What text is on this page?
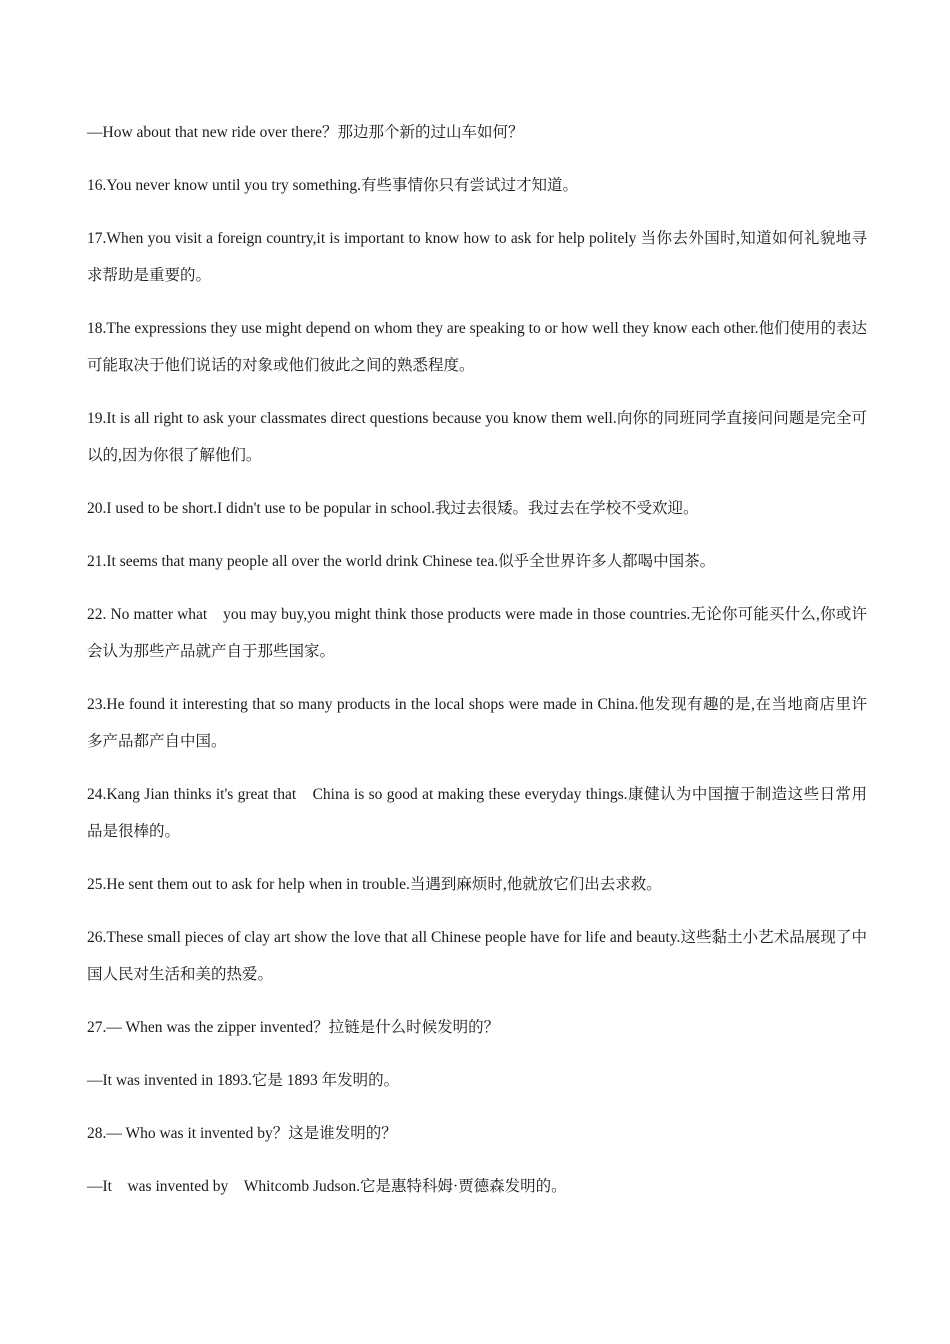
—How about that new ride over there？那边那个新的过山车如何？

16.You never know until you try something.有些事情你只有尝试过才知道。

17.When you visit a foreign country,it is important to know how to ask for help politely 当你去外国时,知道如何礼貌地寻求帮助是重要的。

18.The expressions they use might depend on whom they are speaking to or how well they know each other.他们使用的表达可能取决于他们说话的对象或他们彼此之间的熟悉程度。

19.It is all right to ask your classmates direct questions because you know them well.向你的同班同学直接问问题是完全可以的,因为你很了解他们。

20.I used to be short.I didn't use to be popular in school.我过去很矮。我过去在学校不受欢迎。

21.It seems that many people all over the world drink Chinese tea.似乎全世界许多人都喝中国茶。

22. No matter what　you may buy,you might think those products were made in those countries.无论你可能买什么,你或许会认为那些产品就产自于那些国家。

23.He found it interesting that so many products in the local shops were made in China.他发现有趣的是,在当地商店里许多产品都产自中国。

24.Kang Jian thinks it's great that　China is so good at making these everyday things.康健认为中国擅于制造这些日常用品是很棒的。

25.He sent them out to ask for help when in trouble.当遇到麻烦时,他就放它们出去求救。

26.These small pieces of clay art show the love that all Chinese people have for life and beauty.这些黏土小艺术品展现了中国人民对生活和美的热爱。

27.— When was the zipper invented？拉链是什么时候发明的？

—It was invented in 1893.它是 1893 年发明的。

28.— Who was it invented by？这是谁发明的？

—It　was invented by　Whitcomb Judson.它是惠特科姆·贾德森发明的。
